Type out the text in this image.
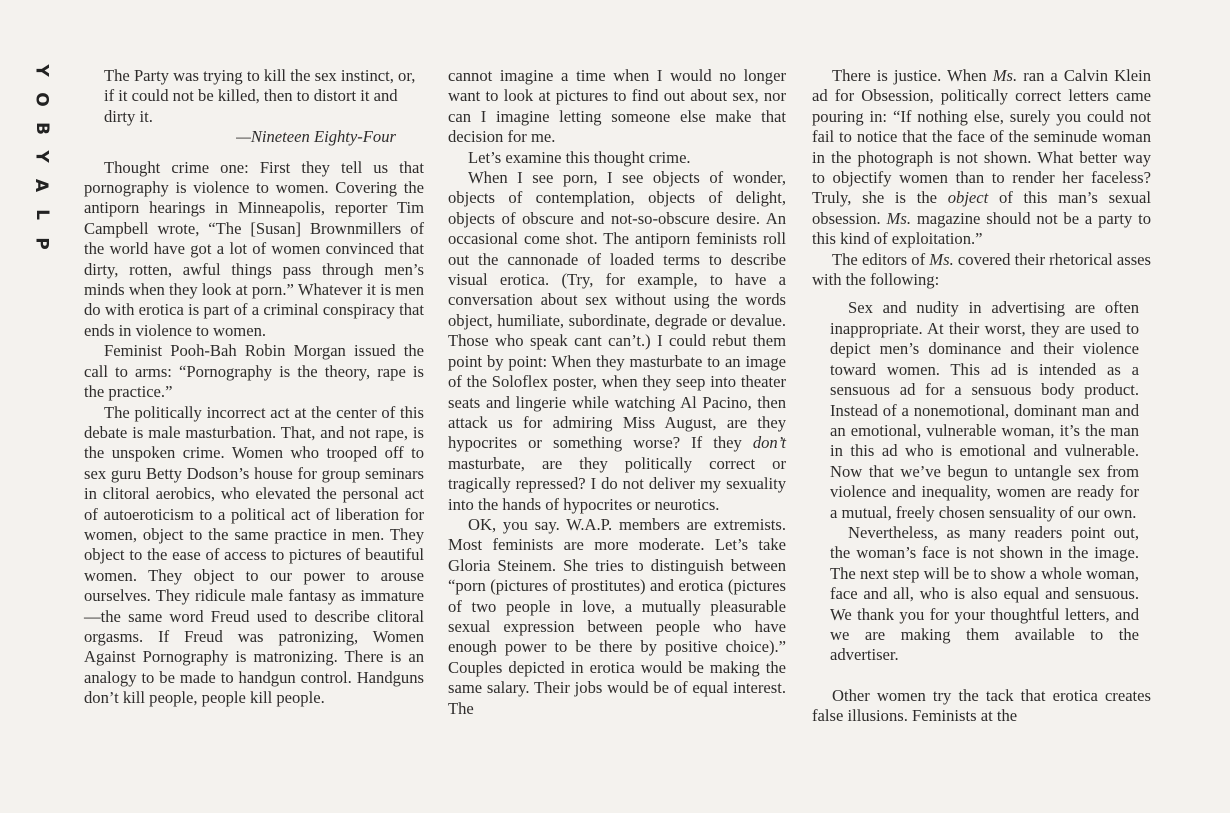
Y
O
B
Y
A
L
P

The Party was trying to kill the sex instinct, or, if it could not be killed, then to distort it and dirty it.

—Nineteen Eighty-Four

Thought crime one: First they tell us that pornography is violence to women. Covering the antiporn hearings in Minneapolis, reporter Tim Campbell wrote, “The [Susan] Brownmillers of the world have got a lot of women convinced that dirty, rotten, awful things pass through men’s minds when they look at porn.” Whatever it is men do with erotica is part of a criminal conspiracy that ends in violence to women.

Feminist Pooh-Bah Robin Morgan issued the call to arms: “Pornography is the theory, rape is the practice.”

The politically incorrect act at the center of this debate is male masturbation. That, and not rape, is the unspoken crime. Women who trooped off to sex guru Betty Dodson’s house for group seminars in clitoral aerobics, who elevated the personal act of autoeroticism to a political act of liberation for women, object to the same practice in men. They object to the ease of access to pictures of beautiful women. They object to our power to arouse ourselves. They ridicule male fantasy as immature—the same word Freud used to describe clitoral orgasms. If Freud was patronizing, Women Against Pornography is matronizing. There is an analogy to be made to handgun control. Handguns don’t kill people, people kill people.

cannot imagine a time when I would no longer want to look at pictures to find out about sex, nor can I imagine letting someone else make that decision for me.

Let’s examine this thought crime.

When I see porn, I see objects of wonder, objects of contemplation, objects of delight, objects of obscure and not-so-obscure desire. An occasional come shot. The antiporn feminists roll out the cannonade of loaded terms to describe visual erotica. (Try, for example, to have a conversation about sex without using the words object, humiliate, subordinate, degrade or devalue. Those who speak cant can’t.) I could rebut them point by point: When they masturbate to an image of the Soloflex poster, when they seep into theater seats and lingerie while watching Al Pacino, then attack us for admiring Miss August, are they hypocrites or something worse? If they don’t masturbate, are they politically correct or tragically repressed? I do not deliver my sexuality into the hands of hypocrites or neurotics.

OK, you say. W.A.P. members are extremists. Most feminists are more moderate. Let’s take Gloria Steinem. She tries to distinguish between “porn (pictures of prostitutes) and erotica (pictures of two people in love, a mutually pleasurable sexual expression between people who have enough power to be there by positive choice).” Couples depicted in erotica would be making the same salary. Their jobs would be of equal interest. The

There is justice. When Ms. ran a Calvin Klein ad for Obsession, politically correct letters came pouring in: “If nothing else, surely you could not fail to notice that the face of the seminude woman in the photograph is not shown. What better way to objectify women than to render her faceless? Truly, she is the object of this man’s sexual obsession. Ms. magazine should not be a party to this kind of exploitation.”

The editors of Ms. covered their rhetorical asses with the following:

Sex and nudity in advertising are often inappropriate. At their worst, they are used to depict men’s dominance and their violence toward women. This ad is intended as a sensuous ad for a sensuous body product. Instead of a nonemotional, dominant man and an emotional, vulnerable woman, it’s the man in this ad who is emotional and vulnerable. Now that we’ve begun to untangle sex from violence and inequality, women are ready for a mutual, freely chosen sensuality of our own.

Nevertheless, as many readers point out, the woman’s face is not shown in the image. The next step will be to show a whole woman, face and all, who is also equal and sensuous. We thank you for your thoughtful letters, and we are making them available to the advertiser.

Other women try the tack that erotica creates false illusions. Feminists at the
